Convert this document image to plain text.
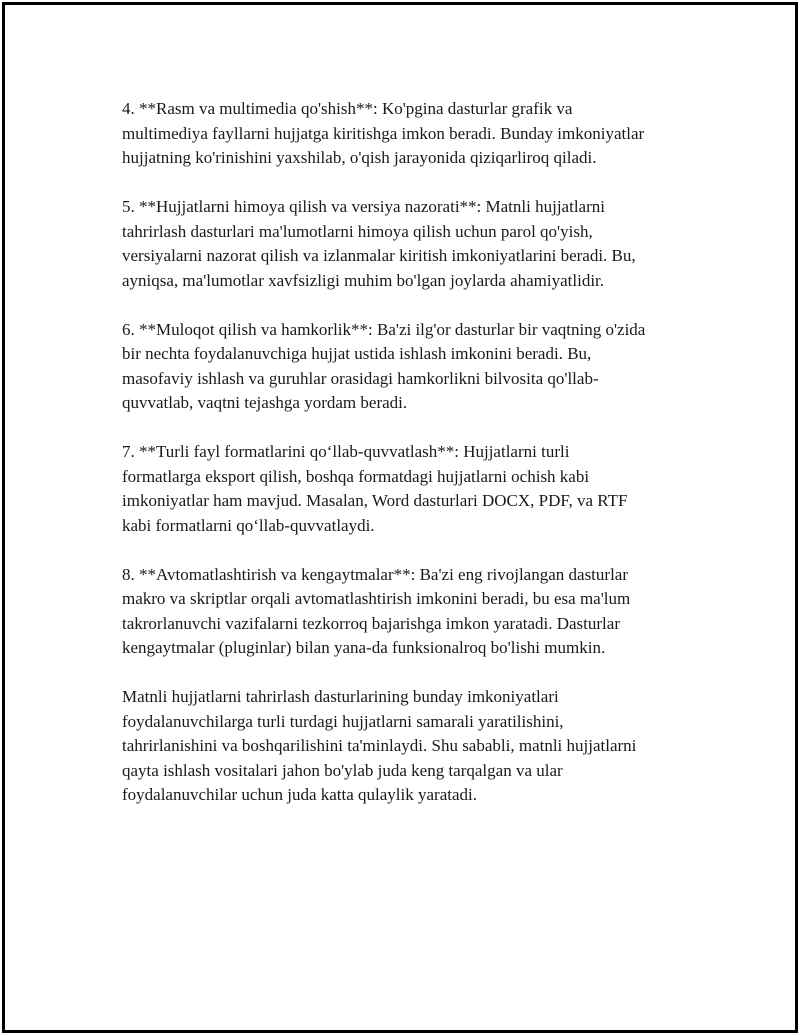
4. **Rasm va multimedia qo'shish**: Ko'pgina dasturlar grafik va
multimediya fayllarni hujjatga kiritishga imkon beradi. Bunday imkoniyatlar
hujjatning ko'rinishini yaxshilab, o'qish jarayonida qiziqarliroq qiladi.

5. **Hujjatlarni himoya qilish va versiya nazorati**: Matnli hujjatlarni
tahrirlash dasturlari ma'lumotlarni himoya qilish uchun parol qo'yish,
versiyalarni nazorat qilish va izlanmalar kiritish imkoniyatlarini beradi. Bu,
ayniqsa, ma'lumotlar xavfsizligi muhim bo'lgan joylarda ahamiyatlidir.

6. **Muloqot qilish va hamkorlik**: Ba'zi ilg'or dasturlar bir vaqtning o'zida
bir nechta foydalanuvchiga hujjat ustida ishlash imkonini beradi. Bu,
masofaviy ishlash va guruhlar orasidagi hamkorlikni bilvosita qo'llab-
quvvatlab, vaqtni tejashga yordam beradi.

7. **Turli fayl formatlarini qo‘llab-quvvatlash**: Hujjatlarni turli
formatlarga eksport qilish, boshqa formatdagi hujjatlarni ochish kabi
imkoniyatlar ham mavjud. Masalan, Word dasturlari DOCX, PDF, va RTF
kabi formatlarni qo‘llab-quvvatlaydi.

8. **Avtomatlashtirish va kengaytmalar**: Ba'zi eng rivojlangan dasturlar
makro va skriptlar orqali avtomatlashtirish imkonini beradi, bu esa ma'lum
takrorlanuvchi vazifalarni tezkorroq bajarishga imkon yaratadi. Dasturlar
kengaytmalar (pluginlar) bilan yana-da funksionalroq bo'lishi mumkin.

Matnli hujjatlarni tahrirlash dasturlarining bunday imkoniyatlari
foydalanuvchilarga turli turdagi hujjatlarni samarali yaratilishini,
tahrirlanishini va boshqarilishini ta'minlaydi. Shu sababli, matnli hujjatlarni
qayta ishlash vositalari jahon bo'ylab juda keng tarqalgan va ular
foydalanuvchilar uchun juda katta qulaylik yaratadi.
